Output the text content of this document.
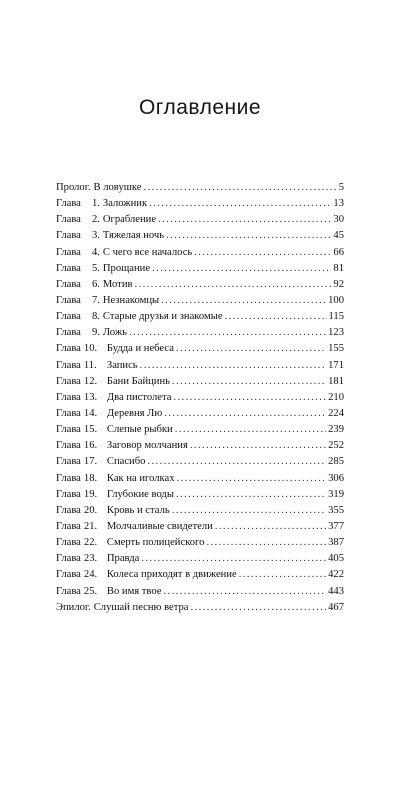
Оглавление
Пролог. В ловушке .....	5
Глава	1. Заложник .....	13
Глава	2. Ограбление .....	30
Глава	3. Тяжелая ночь .....	45
Глава	4. С чего все началось .....	66
Глава	5. Прощание .....	81
Глава	6. Мотив .....	92
Глава	7. Незнакомцы .....	100
Глава	8. Старые друзья и знакомые .....	115
Глава	9. Ложь .....	123
Глава 10. Будда и небеса .....	155
Глава 11. Запись .....	171
Глава 12. Бани Байцинь .....	181
Глава 13. Два пистолета .....	210
Глава 14. Деревня Лю .....	224
Глава 15. Слепые рыбки .....	239
Глава 16. Заговор молчания .....	252
Глава 17. Спасибо .....	285
Глава 18. Как на иголках .....	306
Глава 19. Глубокие воды .....	319
Глава 20. Кровь и сталь .....	355
Глава 21. Молчаливые свидетели .....	377
Глава 22. Смерть полицейского .....	387
Глава 23. Правда .....	405
Глава 24. Колеса приходят в движение .....	422
Глава 25. Во имя твое .....	443
Эпилог. Слушай песню ветра .....	467
